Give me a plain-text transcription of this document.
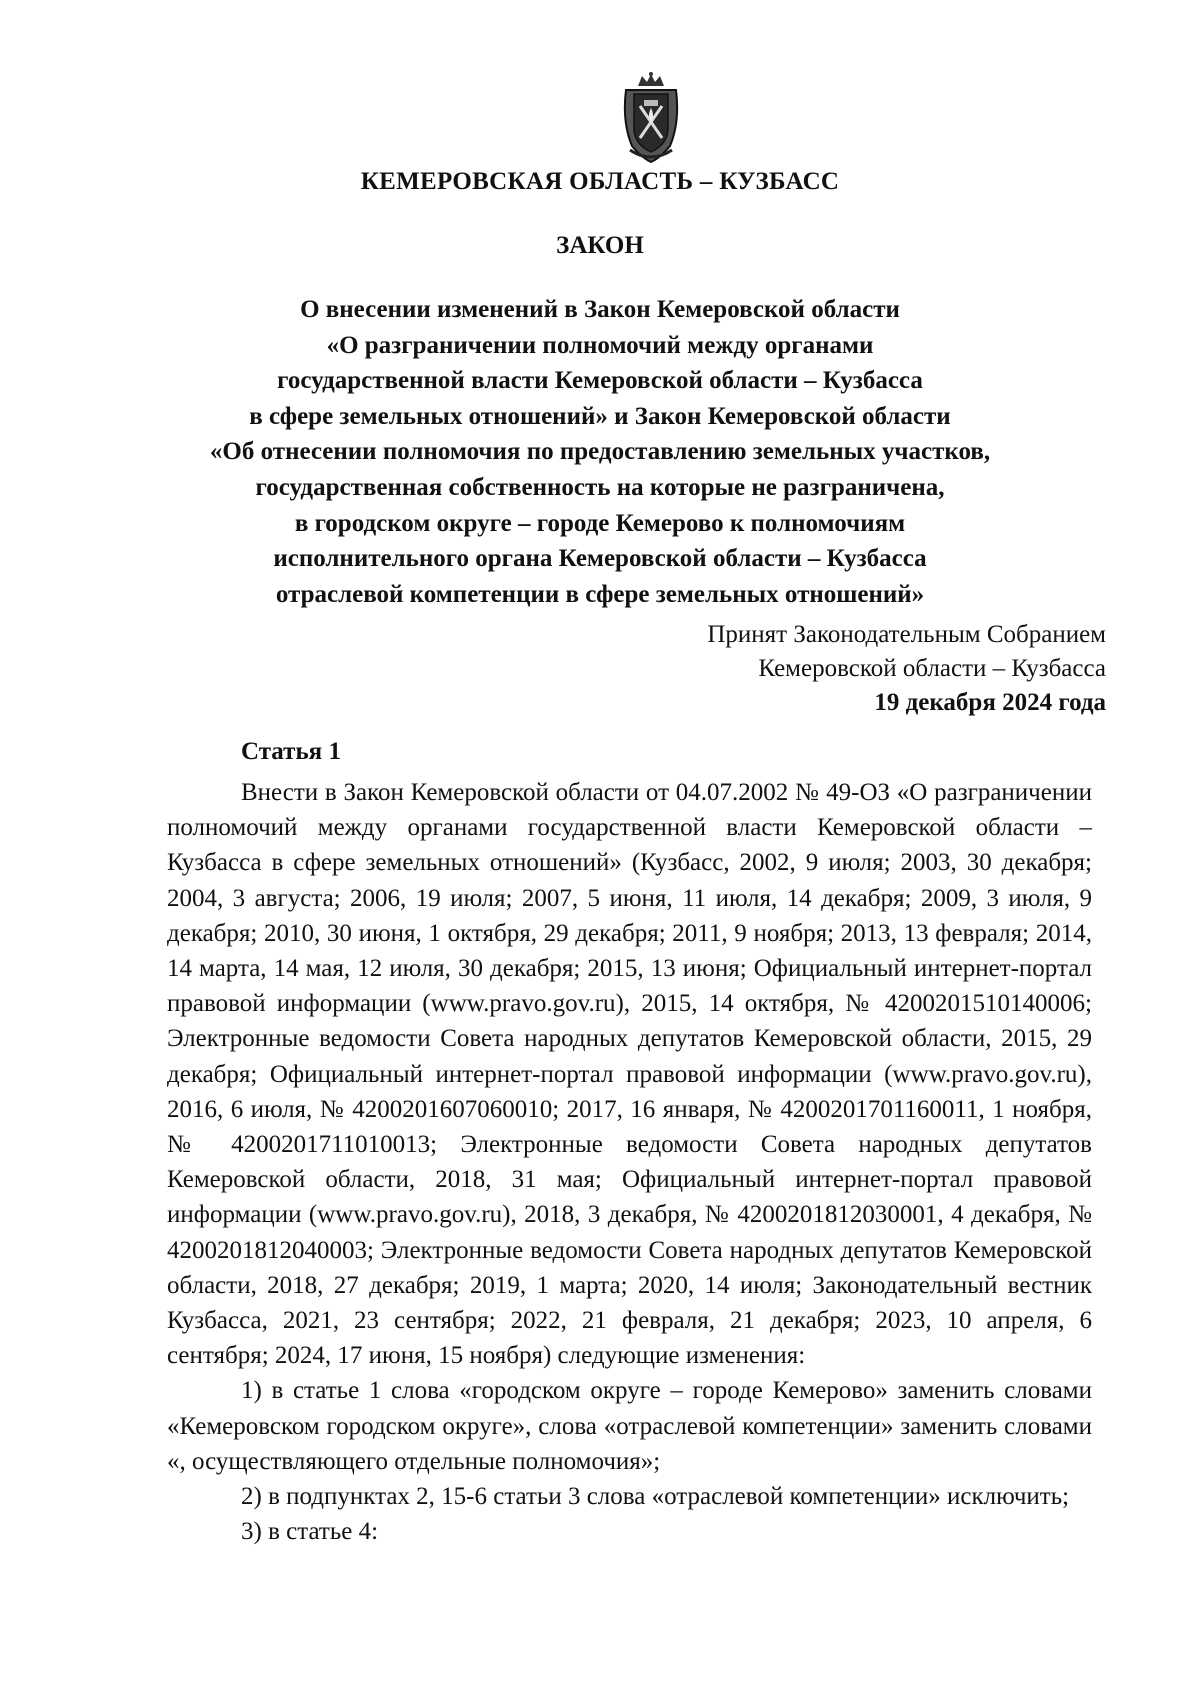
КЕМЕРОВСКАЯ ОБЛАСТЬ – КУЗБАСС
ЗАКОН
О внесении изменений в Закон Кемеровской области
«О разграничении полномочий между органами
государственной власти Кемеровской области – Кузбасса
в сфере земельных отношений» и Закон Кемеровской области
«Об отнесении полномочия по предоставлению земельных участков,
государственная собственность на которые не разграничена,
в городском округе – городе Кемерово к полномочиям
исполнительного органа Кемеровской области – Кузбасса
отраслевой компетенции в сфере земельных отношений»
Принят Законодательным Собранием
Кемеровской области – Кузбасса
19 декабря 2024 года
Статья 1

Внести в Закон Кемеровской области от 04.07.2002 № 49-ОЗ «О разграничении полномочий между органами государственной власти Кемеровской области – Кузбасса в сфере земельных отношений» (Кузбасс, 2002, 9 июля; 2003, 30 декабря; 2004, 3 августа; 2006, 19 июля; 2007, 5 июня, 11 июля, 14 декабря; 2009, 3 июля, 9 декабря; 2010, 30 июня, 1 октября, 29 декабря; 2011, 9 ноября; 2013, 13 февраля; 2014, 14 марта, 14 мая, 12 июля, 30 декабря; 2015, 13 июня; Официальный интернет-портал правовой информации (www.pravo.gov.ru), 2015, 14 октября, № 4200201510140006; Электронные ведомости Совета народных депутатов Кемеровской области, 2015, 29 декабря; Официальный интернет-портал правовой информации (www.pravo.gov.ru), 2016, 6 июля, № 4200201607060010; 2017, 16 января, № 4200201701160011, 1 ноября, № 4200201711010013; Электронные ведомости Совета народных депутатов Кемеровской области, 2018, 31 мая; Официальный интернет-портал правовой информации (www.pravo.gov.ru), 2018, 3 декабря, № 4200201812030001, 4 декабря, № 4200201812040003; Электронные ведомости Совета народных депутатов Кемеровской области, 2018, 27 декабря; 2019, 1 марта; 2020, 14 июля; Законодательный вестник Кузбасса, 2021, 23 сентября; 2022, 21 февраля, 21 декабря; 2023, 10 апреля, 6 сентября; 2024, 17 июня, 15 ноября) следующие изменения:

1) в статье 1 слова «городском округе – городе Кемерово» заменить словами «Кемеровском городском округе», слова «отраслевой компетенции» заменить словами «, осуществляющего отдельные полномочия»;

2) в подпунктах 2, 15-6 статьи 3 слова «отраслевой компетенции» исключить;

3) в статье 4:
